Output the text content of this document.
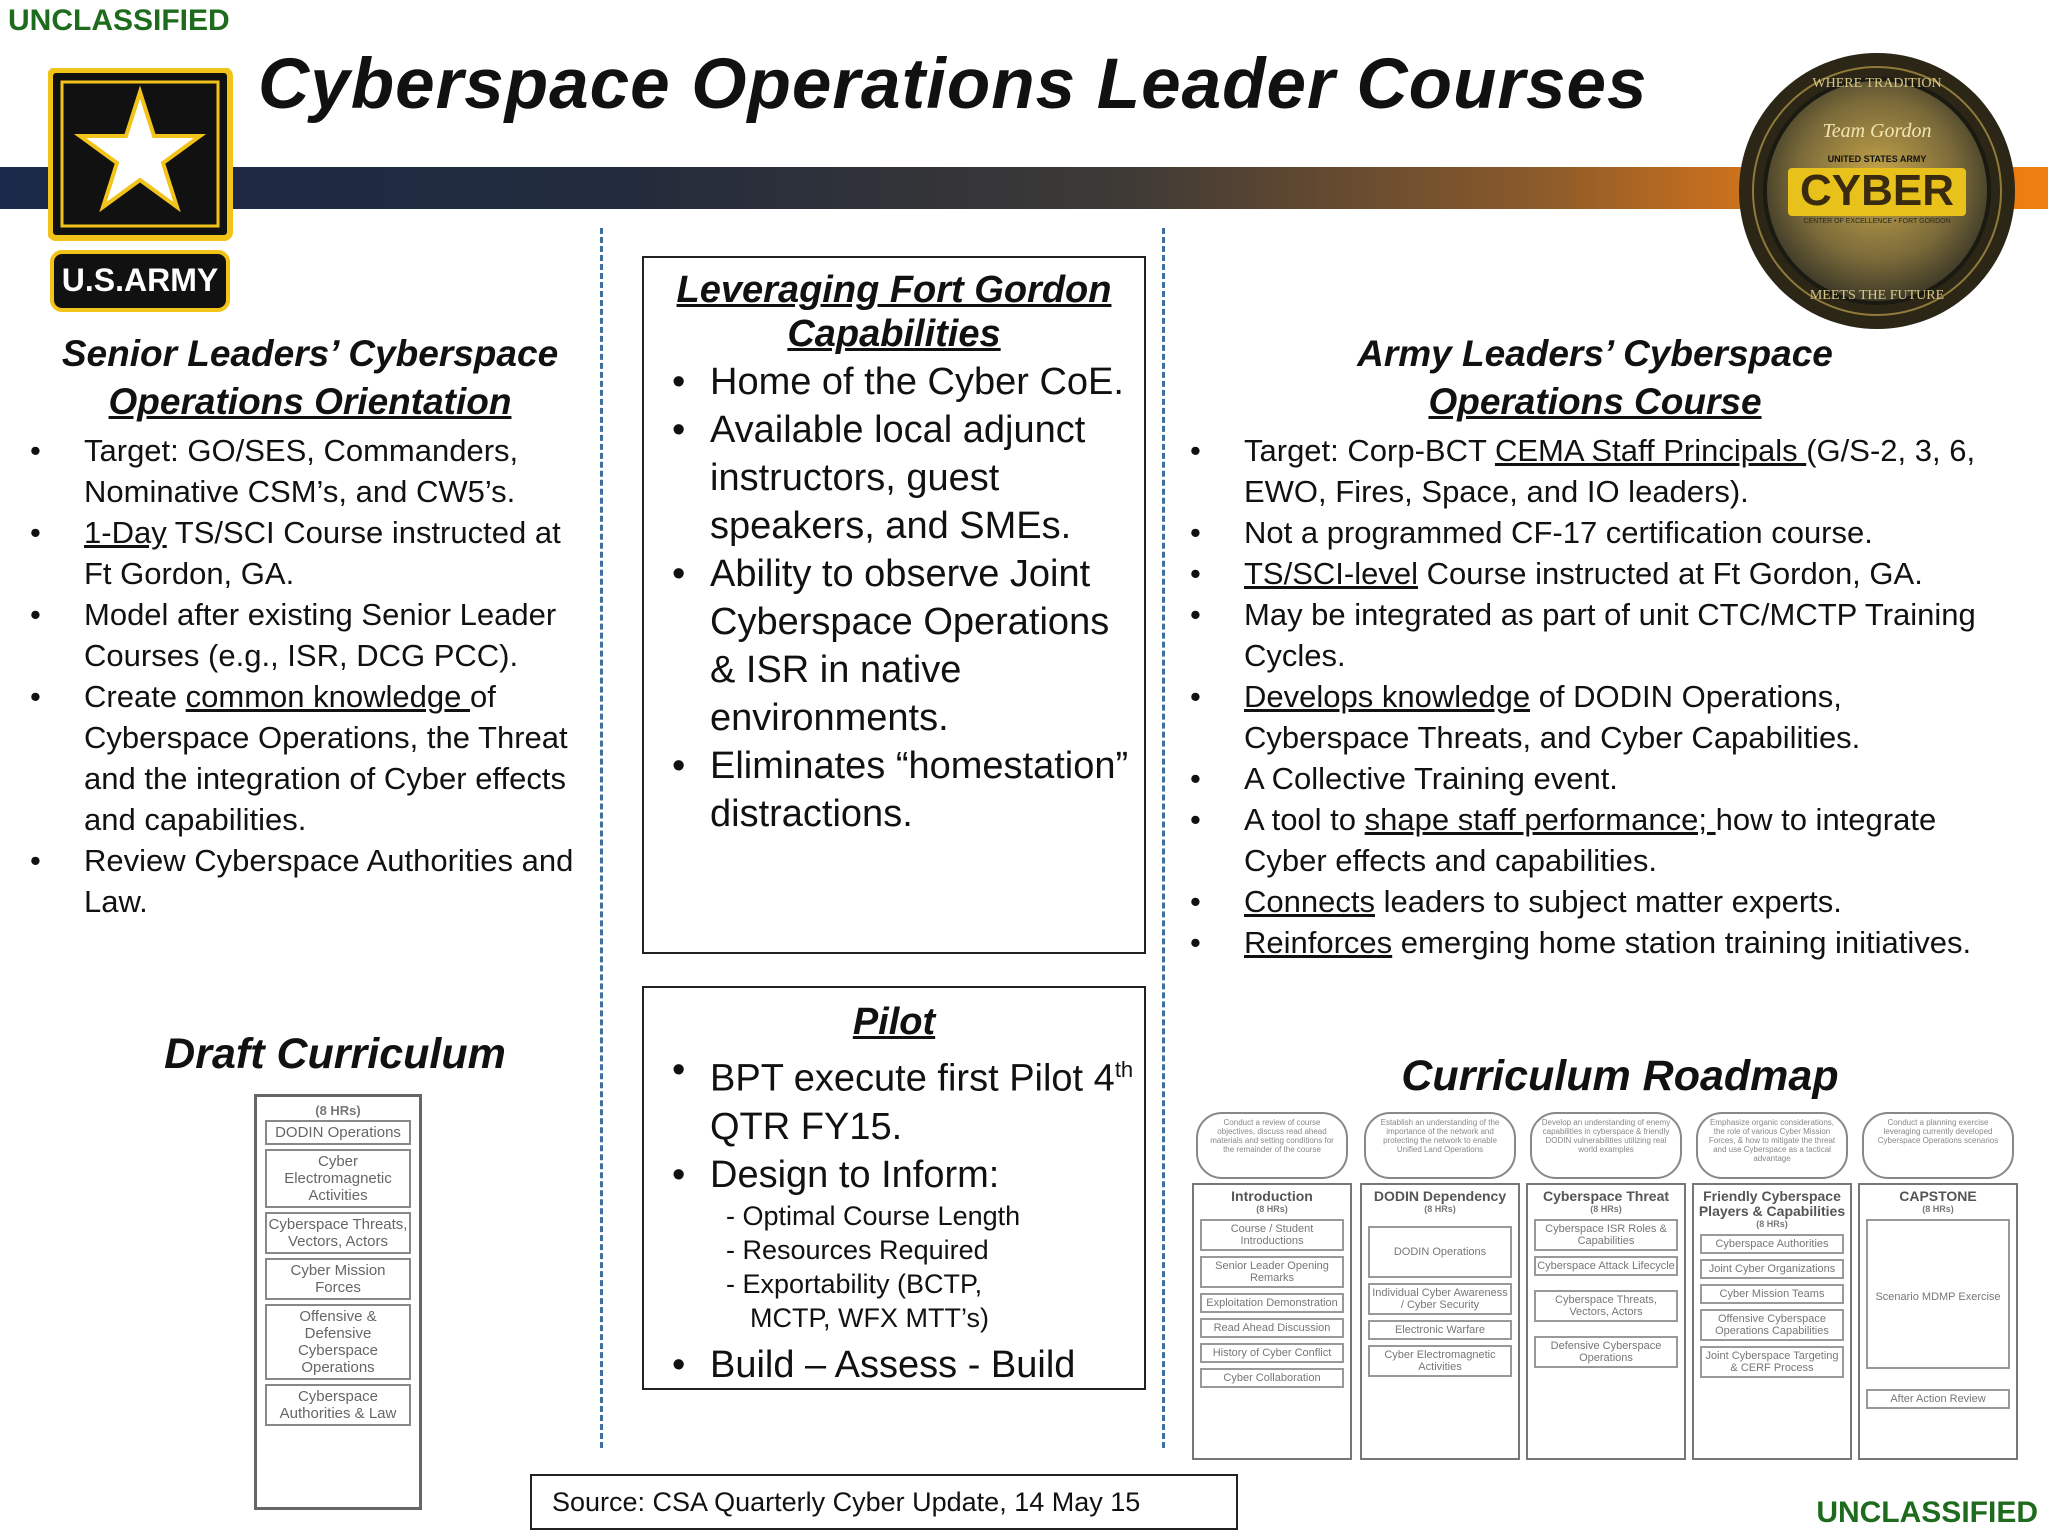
UNCLASSIFIED
UNCLASSIFIED
Cyberspace Operations Leader Courses
U.S.ARMY
WHERE TRADITION
Team Gordon
UNITED STATES ARMY
CYBER
CENTER OF EXCELLENCE • FORT GORDON
MEETS THE FUTURE
Senior Leaders’ Cyberspace
Operations Orientation
• Target: GO/SES, Commanders, Nominative CSM’s, and CW5’s.
• 1-Day TS/SCI Course instructed at Ft Gordon, GA.
• Model after existing Senior Leader Courses (e.g., ISR, DCG PCC).
• Create common knowledge of Cyberspace Operations, the Threat and the integration of Cyber effects and capabilities.
• Review Cyberspace Authorities and Law.
Draft Curriculum
(8 HRs)
DODIN Operations
Cyber Electromagnetic Activities
Cyberspace Threats, Vectors, Actors
Cyber Mission Forces
Offensive & Defensive Cyberspace Operations
Cyberspace Authorities & Law
Leveraging Fort Gordon
Capabilities
• Home of the Cyber CoE.
• Available local adjunct instructors, guest speakers, and SMEs.
• Ability to observe Joint Cyberspace Operations & ISR in native environments.
• Eliminates “homestation” distractions.
Pilot
• BPT execute first Pilot 4th QTR FY15.
• Design to Inform:
- Optimal Course Length
- Resources Required
- Exportability (BCTP,
MCTP, WFX MTT’s)
• Build – Assess - Build
Army Leaders’ Cyberspace
Operations Course
• Target: Corp-BCT CEMA Staff Principals (G/S-2, 3, 6, EWO, Fires, Space, and IO leaders).
• Not a programmed CF-17 certification course.
• TS/SCI-level Course instructed at Ft Gordon, GA.
• May be integrated as part of unit CTC/MCTP Training Cycles.
• Develops knowledge of DODIN Operations, Cyberspace Threats, and Cyber Capabilities.
• A Collective Training event.
• A tool to shape staff performance; how to integrate Cyber effects and capabilities.
• Connects leaders to subject matter experts.
• Reinforces emerging home station training initiatives.
Curriculum Roadmap
Conduct a review of course objectives, discuss read ahead materials and setting conditions for the remainder of the course
Establish an understanding of the importance of the network and protecting the network to enable Unified Land Operations
Develop an understanding of enemy capabilities in cyberspace & friendly DODIN vulnerabilities utilizing real world examples
Emphasize organic considerations, the role of various Cyber Mission Forces, & how to mitigate the threat and use Cyberspace as a tactical advantage
Conduct a planning exercise leveraging currently developed Cyberspace Operations scenarios
Introduction
(8 HRs)
Course / Student Introductions
Senior Leader Opening Remarks
Exploitation Demonstration
Read Ahead Discussion
History of Cyber Conflict
Cyber Collaboration
DODIN Dependency
(8 HRs)
DODIN Operations
Individual Cyber Awareness / Cyber Security
Electronic Warfare
Cyber Electromagnetic Activities
Cyberspace Threat
(8 HRs)
Cyberspace ISR Roles & Capabilities
Cyberspace Attack Lifecycle
Cyberspace Threats, Vectors, Actors
Defensive Cyberspace Operations
Friendly Cyberspace Players & Capabilities
(8 HRs)
Cyberspace Authorities
Joint Cyber Organizations
Cyber Mission Teams
Offensive Cyberspace Operations Capabilities
Joint Cyberspace Targeting & CERF Process
CAPSTONE
(8 HRs)
Scenario MDMP Exercise
After Action Review
Source: CSA Quarterly Cyber Update, 14 May 15
